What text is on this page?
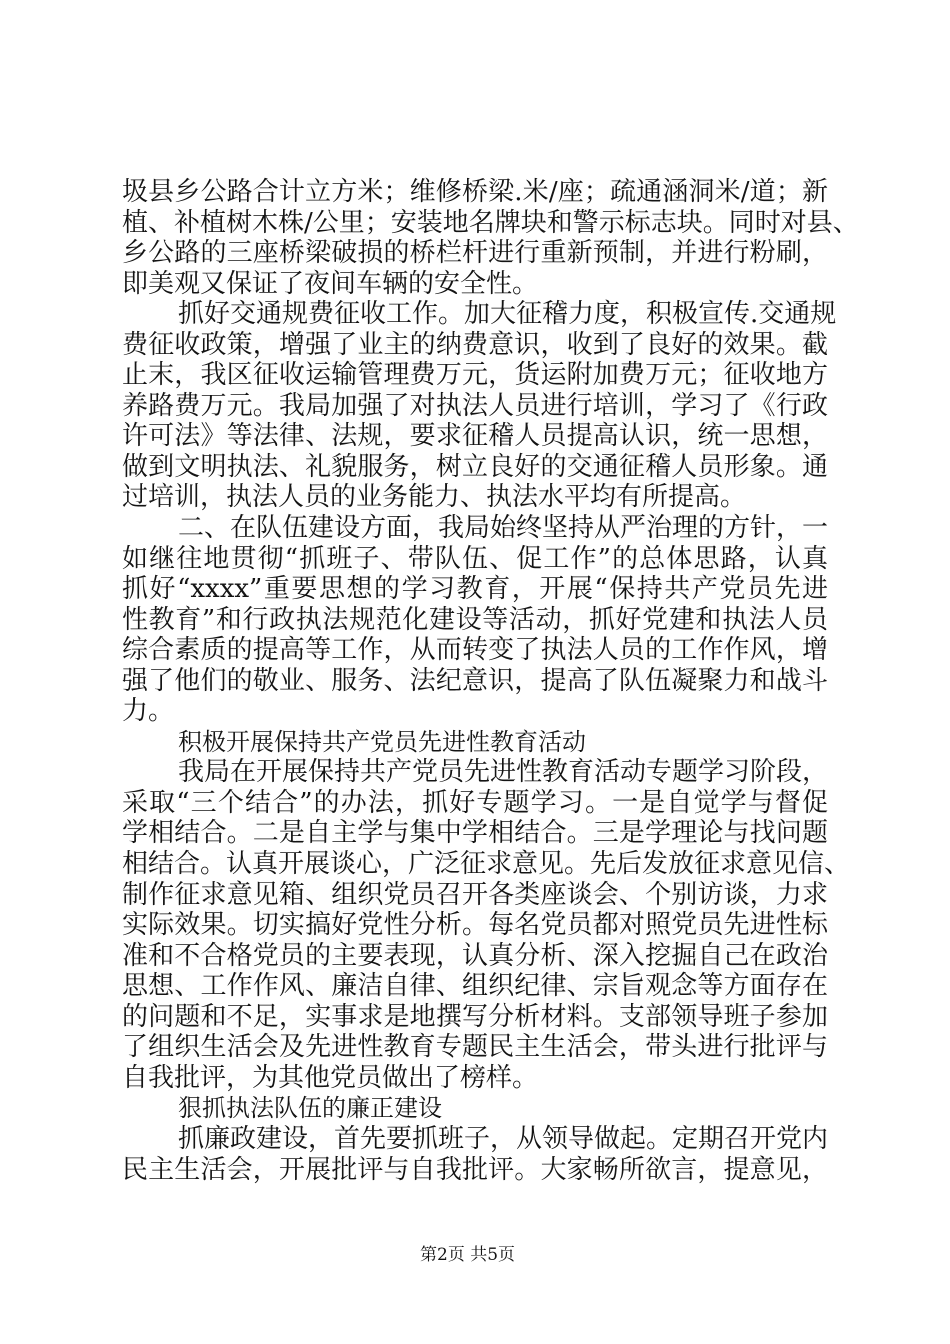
圾县乡公路合计立方米；维修桥梁.米/座；疏通涵洞米/道；新
植、补植树木株/公里；安装地名牌块和警示标志块。同时对县、
乡公路的三座桥梁破损的桥栏杆进行重新预制，并进行粉刷，
即美观又保证了夜间车辆的安全性。
抓好交通规费征收工作。加大征稽力度，积极宣传.交通规
费征收政策，增强了业主的纳费意识，收到了良好的效果。截
止末，我区征收运输管理费万元，货运附加费万元；征收地方
养路费万元。我局加强了对执法人员进行培训，学习了《行政
许可法》等法律、法规，要求征稽人员提高认识，统一思想，
做到文明执法、礼貌服务，树立良好的交通征稽人员形象。通
过培训，执法人员的业务能力、执法水平均有所提高。
二、在队伍建设方面，我局始终坚持从严治理的方针，一
如继往地贯彻“抓班子、带队伍、促工作”的总体思路，认真
抓好“xxxx”重要思想的学习教育，开展“保持共产党员先进
性教育”和行政执法规范化建设等活动，抓好党建和执法人员
综合素质的提高等工作，从而转变了执法人员的工作作风，增
强了他们的敬业、服务、法纪意识，提高了队伍凝聚力和战斗
力。
积极开展保持共产党员先进性教育活动
我局在开展保持共产党员先进性教育活动专题学习阶段，
采取“三个结合”的办法，抓好专题学习。一是自觉学与督促
学相结合。二是自主学与集中学相结合。三是学理论与找问题
相结合。认真开展谈心，广泛征求意见。先后发放征求意见信、
制作征求意见箱、组织党员召开各类座谈会、个别访谈，力求
实际效果。切实搞好党性分析。每名党员都对照党员先进性标
准和不合格党员的主要表现，认真分析、深入挖掘自己在政治
思想、工作作风、廉洁自律、组织纪律、宗旨观念等方面存在
的问题和不足，实事求是地撰写分析材料。支部领导班子参加
了组织生活会及先进性教育专题民主生活会，带头进行批评与
自我批评，为其他党员做出了榜样。
狠抓执法队伍的廉正建设
抓廉政建设，首先要抓班子，从领导做起。定期召开党内
民主生活会，开展批评与自我批评。大家畅所欲言，提意见，
第2页 共5页
